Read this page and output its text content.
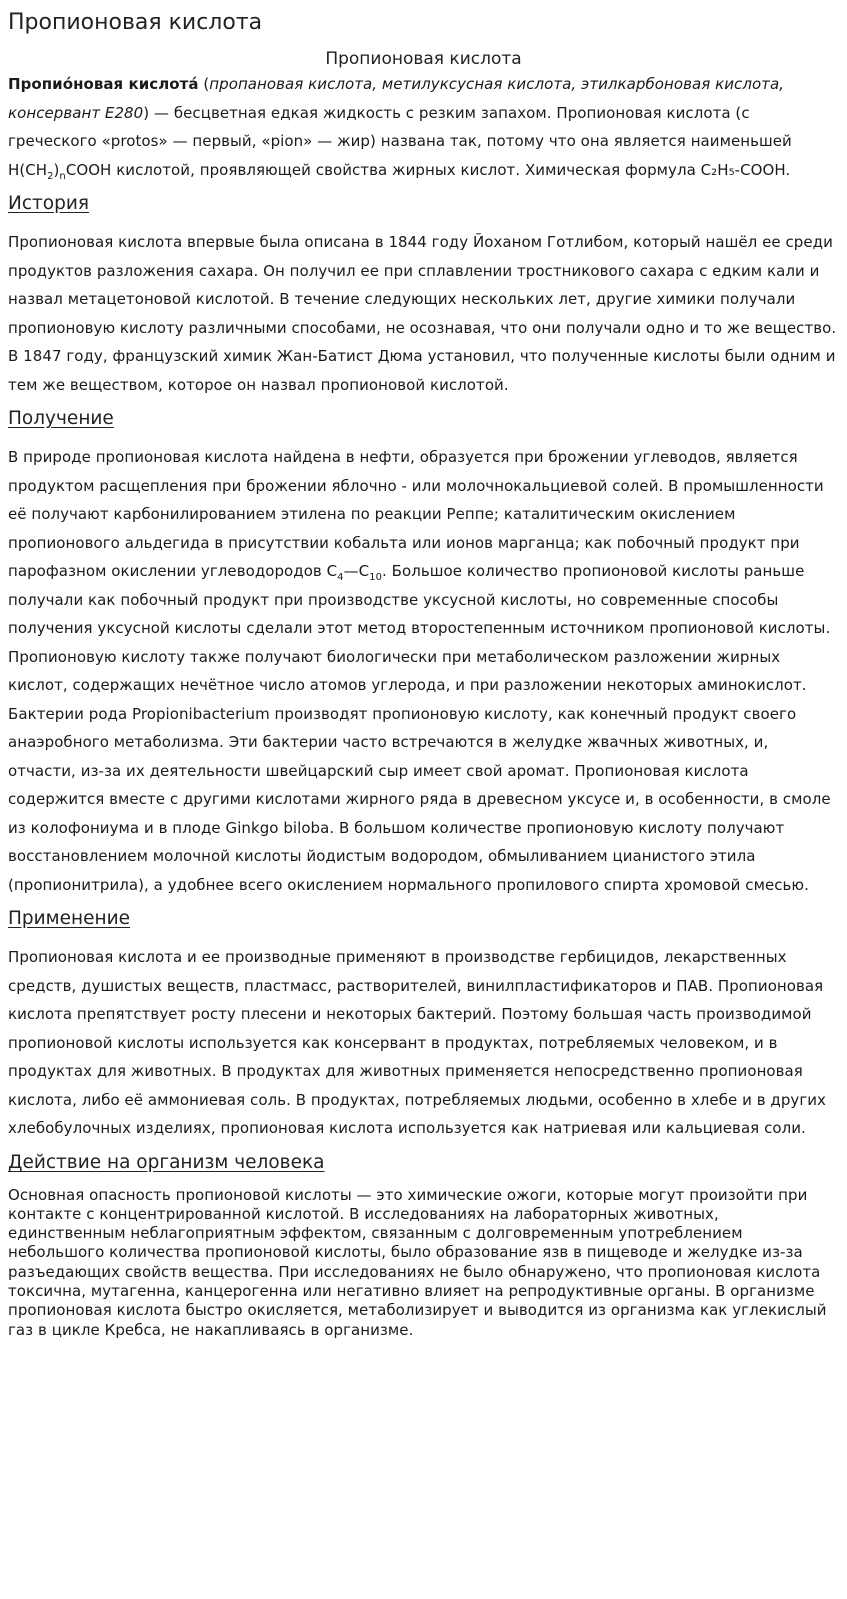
Пропионовая кислота
Пропионовая кислота

Пропио́новая кислота́ (пропановая кислота, метилуксусная кислота, этилкарбоновая кислота, консервант E280) — бесцветная едкая жидкость с резким запахом. Пропионовая кислота (с греческого «protos» — первый, «pion» — жир) названа так, потому что она является наименьшей $H(CH_2)_nCOOH$ кислотой, проявляющей свойства жирных кислот. Химическая формула C₂H₅-COOH.

История

Пропионовая кислота впервые была описана в 1844 году Йоханом Готлибом, который нашёл ее среди продуктов разложения сахара. Он получил ее при сплавлении тростникового сахара с едким кали и назвал метацетоновой кислотой. В течение следующих нескольких лет, другие химики получали пропионовую кислоту различными способами, не осознавая, что они получали одно и то же вещество. В 1847 году, французский химик Жан-Батист Дюма установил, что полученные кислоты были одним и тем же веществом, которое он назвал пропионовой кислотой.

Получение

В природе пропионовая кислота найдена в нефти, образуется при брожении углеводов, является продуктом расщепления при брожении яблочно - или молочнокальциевой солей. В промышленности её получают карбонилированием этилена по реакции Реппе; каталитическим окислением пропионового альдегида в присутствии кобальта или ионов марганца; как побочный продукт при парофазном окислении углеводородов $C_4—C_{10}$. Большое количество пропионовой кислоты раньше получали как побочный продукт при производстве уксусной кислоты, но современные способы получения уксусной кислоты сделали этот метод второстепенным источником пропионовой кислоты. Пропионовую кислоту также получают биологически при метаболическом разложении жирных кислот, содержащих нечётное число атомов углерода, и при разложении некоторых аминокислот. Бактерии рода Propionibacterium производят пропионовую кислоту, как конечный продукт своего анаэробного метаболизма. Эти бактерии часто встречаются в желудке жвачных животных, и, отчасти, из-за их деятельности швейцарский сыр имеет свой аромат. Пропионовая кислота содержится вместе с другими кислотами жирного ряда в древесном уксусе и, в особенности, в смоле из колофониума и в плоде Ginkgo biloba. В большом количестве пропионовую кислоту получают восстановлением молочной кислоты йодистым водородом, обмыливанием цианистого этила (пропионитрила), а удобнее всего окислением нормального пропилового спирта хромовой смесью.

Применение

Пропионовая кислота и ее производные применяют в производстве гербицидов, лекарственных средств, душистых веществ, пластмасс, растворителей, винилпластификаторов и ПАВ. Пропионовая кислота препятствует росту плесени и некоторых бактерий. Поэтому большая часть производимой пропионовой кислоты используется как консервант в продуктах, потребляемых человеком, и в продуктах для животных. В продуктах для животных применяется непосредственно пропионовая кислота, либо её аммониевая соль. В продуктах, потребляемых людьми, особенно в хлебе и в других хлебобулочных изделиях, пропионовая кислота используется как натриевая или кальциевая соли.

Действие на организм человека

Основная опасность пропионовой кислоты — это химические ожоги, которые могут произойти при контакте с концентрированной кислотой. В исследованиях на лабораторных животных, единственным неблагоприятным эффектом, связанным с долговременным употреблением небольшого количества пропионовой кислоты, было образование язв в пищеводе и желудке из-за разъедающих свойств вещества. При исследованиях не было обнаружено, что пропионовая кислота токсична, мутагенна, канцерогенна или негативно влияет на репродуктивные органы. В организме пропионовая кислота быстро окисляется, метаболизирует и выводится из организма как углекислый газ в цикле Кребса, не накапливаясь в организме.
